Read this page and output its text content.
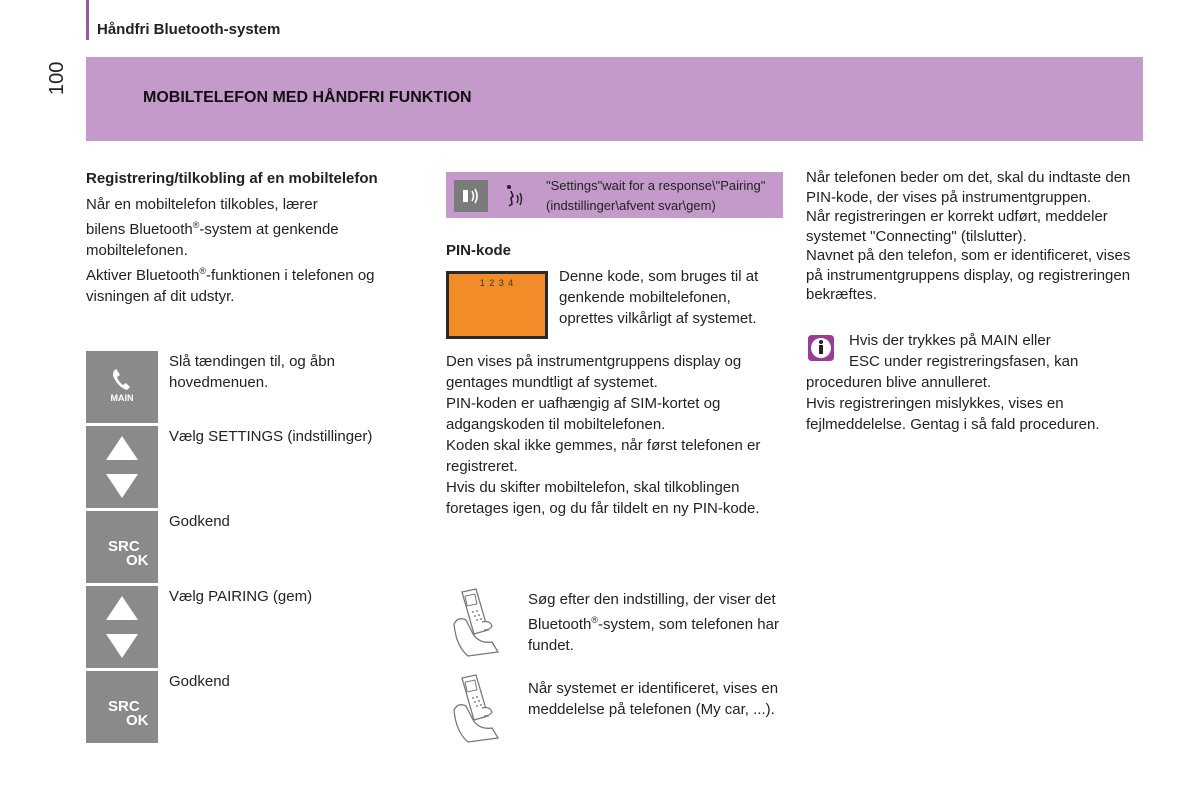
Håndfri Bluetooth-system
100
MOBILTELEFON MED HÅNDFRI FUNKTION
Registrering/tilkobling af en mobiltelefon
Når en mobiltelefon tilkobles, lærer
bilens Bluetooth®-system at genkende
mobiltelefonen.
Aktiver Bluetooth®-funktionen i telefonen og
visningen af dit udstyr.
MAIN
Slå tændingen til, og åbn hovedmenuen.
Vælg SETTINGS (indstillinger)
SRC
OK
Godkend
Vælg PAIRING (gem)
SRC
OK
Godkend
"Settings"wait for a response\"Pairing" (indstillinger\afvent svar\gem)
PIN-kode
1 2 3 4	Denne kode, som bruges til at genkende mobiltelefonen, oprettes vilkårligt af systemet.
Den vises på instrumentgruppens display og gentages mundtligt af systemet.
PIN-koden er uafhængig af SIM-kortet og adgangskoden til mobiltelefonen.
Koden skal ikke gemmes, når først telefonen er registreret.
Hvis du skifter mobiltelefon, skal tilkoblingen foretages igen, og du får tildelt en ny PIN-kode.
Søg efter den indstilling, der viser det Bluetooth®-system, som telefonen har fundet.
Når systemet er identificeret, vises en meddelelse på telefonen (My car, ...).
Når telefonen beder om det, skal du indtaste den PIN-kode, der vises på instrumentgruppen.
Når registreringen er korrekt udført, meddeler systemet "Connecting" (tilslutter).
Navnet på den telefon, som er identificeret, vises på instrumentgruppens display, og registreringen bekræftes.
Hvis der trykkes på MAIN eller
ESC under registreringsfasen, kan
proceduren blive annulleret.
Hvis registreringen mislykkes, vises en fejlmeddelelse. Gentag i så fald proceduren.
